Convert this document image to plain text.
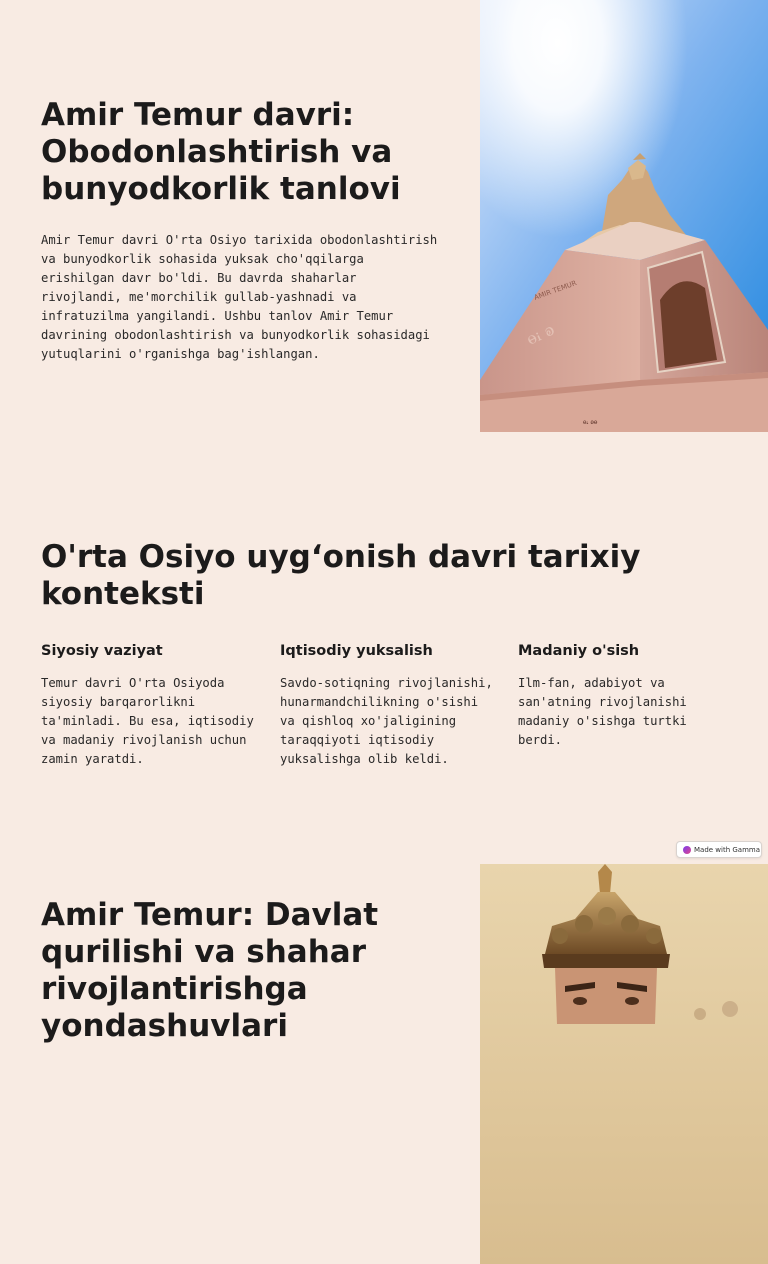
Amir Temur davri: Obodonlashtirish va bunyodkorlik tanlovi
Amir Temur davri O'rta Osiyo tarixida obodonlashtirish va bunyodkorlik sohasida yuksak cho'qqilarga erishilgan davr bo'ldi. Bu davrda shaharlar rivojlandi, me'morchilik gullab-yashnadi va infratuzilma yangilandi. Ushbu tanlov Amir Temur davrining obodonlashtirish va bunyodkorlik sohasidagi yutuqlarini o'rganishga bag'ishlangan.
AMIR TEMUR
ꮎꭵ ꭷ
ꮎꭵ ꭷꮎ
O'rta Osiyo uygʻonish davri tarixiy konteksti
Siyosiy vaziyat

Temur davri O'rta Osiyoda siyosiy barqarorlikni ta'minladi. Bu esa, iqtisodiy va madaniy rivojlanish uchun zamin yaratdi.

Iqtisodiy yuksalish

Savdo-sotiqning rivojlanishi, hunarmandchilikning o'sishi va qishloq xo'jaligining taraqqiyoti iqtisodiy yuksalishga olib keldi.

Madaniy o'sish

Ilm-fan, adabiyot va san'atning rivojlanishi madaniy o'sishga turtki berdi.

Made with Gamma
Amir Temur: Davlat qurilishi va shahar rivojlantirishga yondashuvlari
